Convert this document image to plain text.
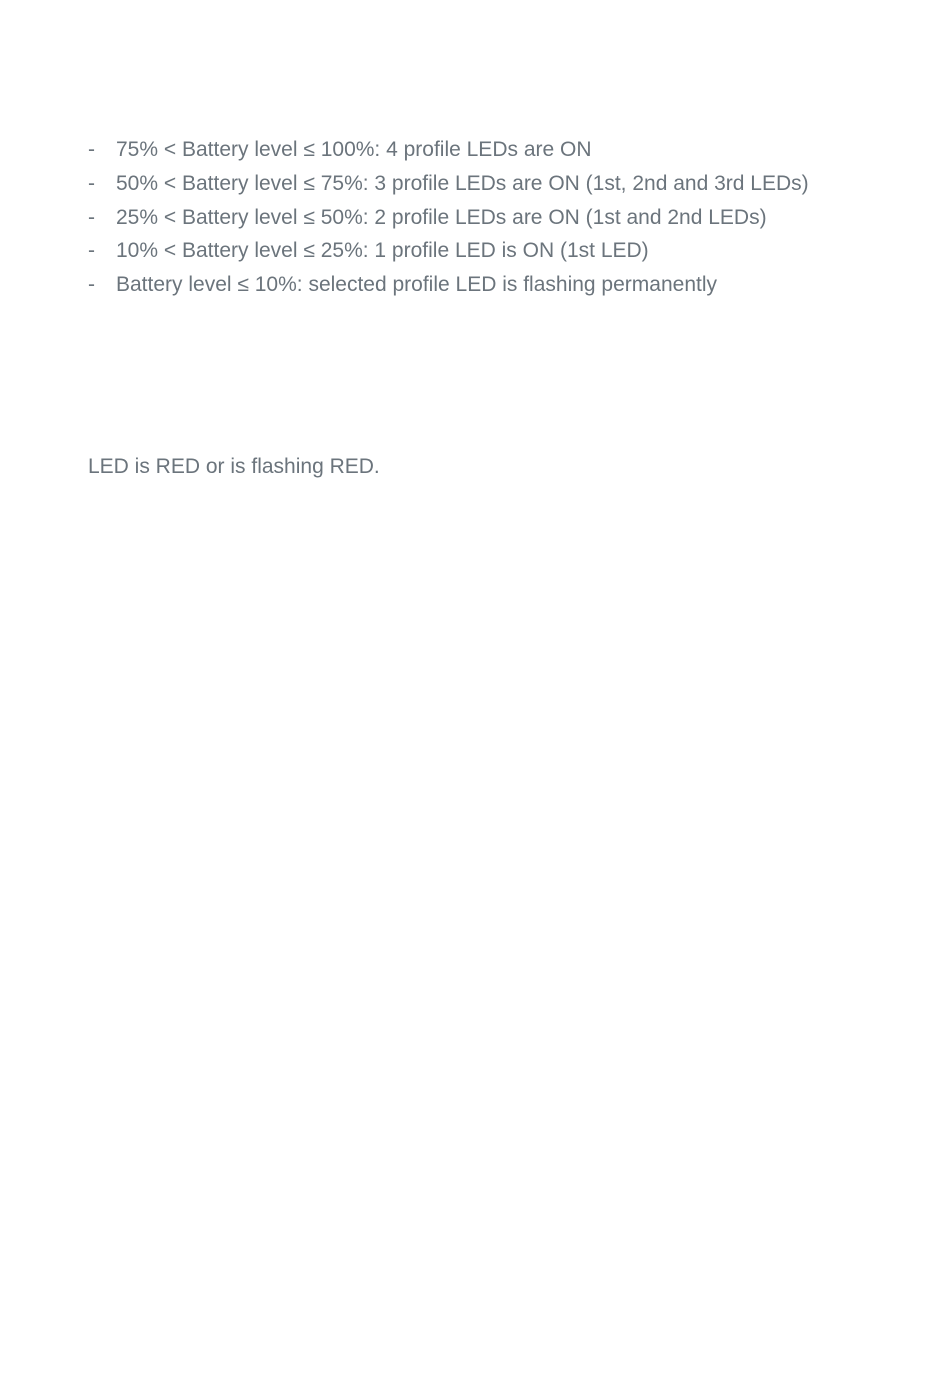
-	75% < Battery level ≤ 100%: 4 profile LEDs are ON
-	50% < Battery level ≤ 75%: 3 profile LEDs are ON (1st, 2nd and 3rd LEDs)
-	25% < Battery level ≤ 50%: 2 profile LEDs are ON (1st and 2nd LEDs)
-	10% < Battery level ≤ 25%: 1 profile LED is ON (1st LED)
-	Battery level ≤ 10%: selected profile LED is flashing permanently

LED is RED or is flashing RED.
